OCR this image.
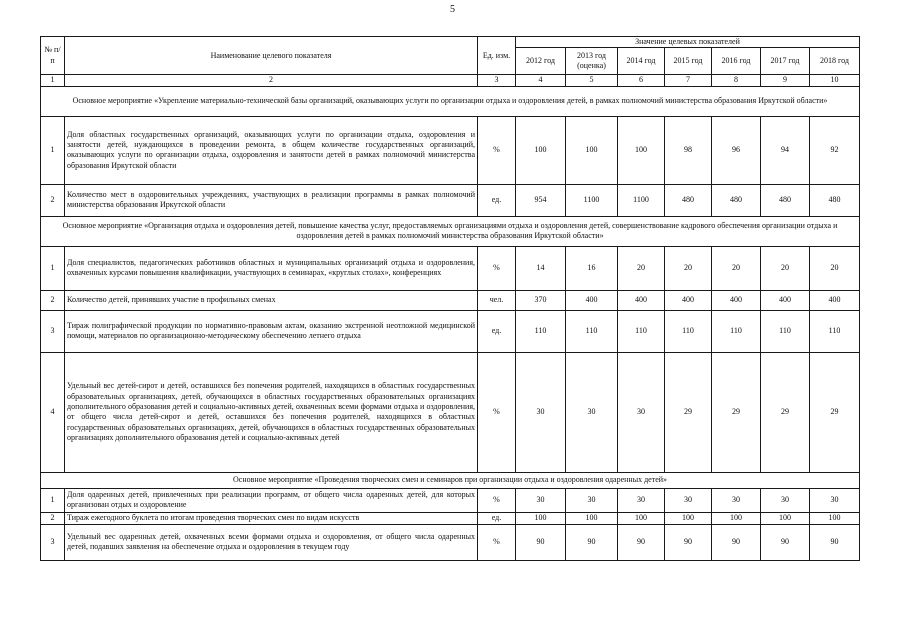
5
№ п/п	Наименование целевого показателя	Ед. изм.	Значение целевых показателей						
			2012 год	2013 год (оценка)	2014 год	2015 год	2016 год	2017 год	2018 год
1	2	3	4	5	6	7	8	9	10
Основное мероприятие «Укрепление материально-технической базы организаций, оказывающих услуги по организации отдыха и оздоровления детей, в рамках полномочий министерства образования Иркутской области»									
1	Доля областных государственных организаций, оказывающих услуги по организации отдыха, оздоровления и занятости детей, нуждающихся в проведении ремонта, в общем количестве государственных организаций, оказывающих услуги по организации отдыха, оздоровления и занятости детей в рамках полномочий министерства образования Иркутской области	%	100	100	100	98	96	94	92
2	Количество мест в оздоровительных учреждениях, участвующих в реализации программы в рамках полномочий министерства образования Иркутской области	ед.	954	1100	1100	480	480	480	480
Основное мероприятие «Организация отдыха и оздоровления детей, повышение качества услуг, предоставляемых организациями отдыха и оздоровления детей, совершенствование кадрового обеспечения организации отдыха и оздоровления детей в рамках полномочий министерства образования Иркутской области»									
1	Доля специалистов, педагогических работников областных и муниципальных организаций отдыха и оздоровления, охваченных курсами повышения квалификации, участвующих в семинарах, «круглых столах», конференциях	%	14	16	20	20	20	20	20
2	Количество детей, принявших участие в профильных сменах	чел.	370	400	400	400	400	400	400
3	Тираж полиграфической продукции по нормативно-правовым актам, оказанию экстренной неотложной медицинской помощи, материалов по организационно-методическому обеспечению летнего отдыха	ед.	110	110	110	110	110	110	110
4	Удельный вес детей-сирот и детей, оставшихся без попечения родителей, находящихся в областных государственных образовательных организациях, детей, обучающихся в областных государственных образовательных организациях дополнительного образования детей и социально-активных детей, охваченных всеми формами отдыха и оздоровления, от общего числа детей-сирот и детей, оставшихся без попечения родителей, находящихся в областных государственных образовательных организациях, детей, обучающихся в областных государственных образовательных организациях дополнительного образования детей и социально-активных детей	%	30	30	30	29	29	29	29
Основное мероприятие «Проведения творческих смен и семинаров при организации отдыха и оздоровления одаренных детей»									
1	Доля одаренных детей, привлеченных при реализации программ, от общего числа одаренных детей, для которых организован отдых и оздоровление	%	30	30	30	30	30	30	30
2	Тираж ежегодного буклета по итогам проведения творческих смен по видам искусств	ед.	100	100	100	100	100	100	100
3	Удельный вес одаренных детей, охваченных всеми формами отдыха и оздоровления, от общего числа одаренных детей, подавших заявления на обеспечение отдыха и оздоровления в текущем году	%	90	90	90	90	90	90	90
